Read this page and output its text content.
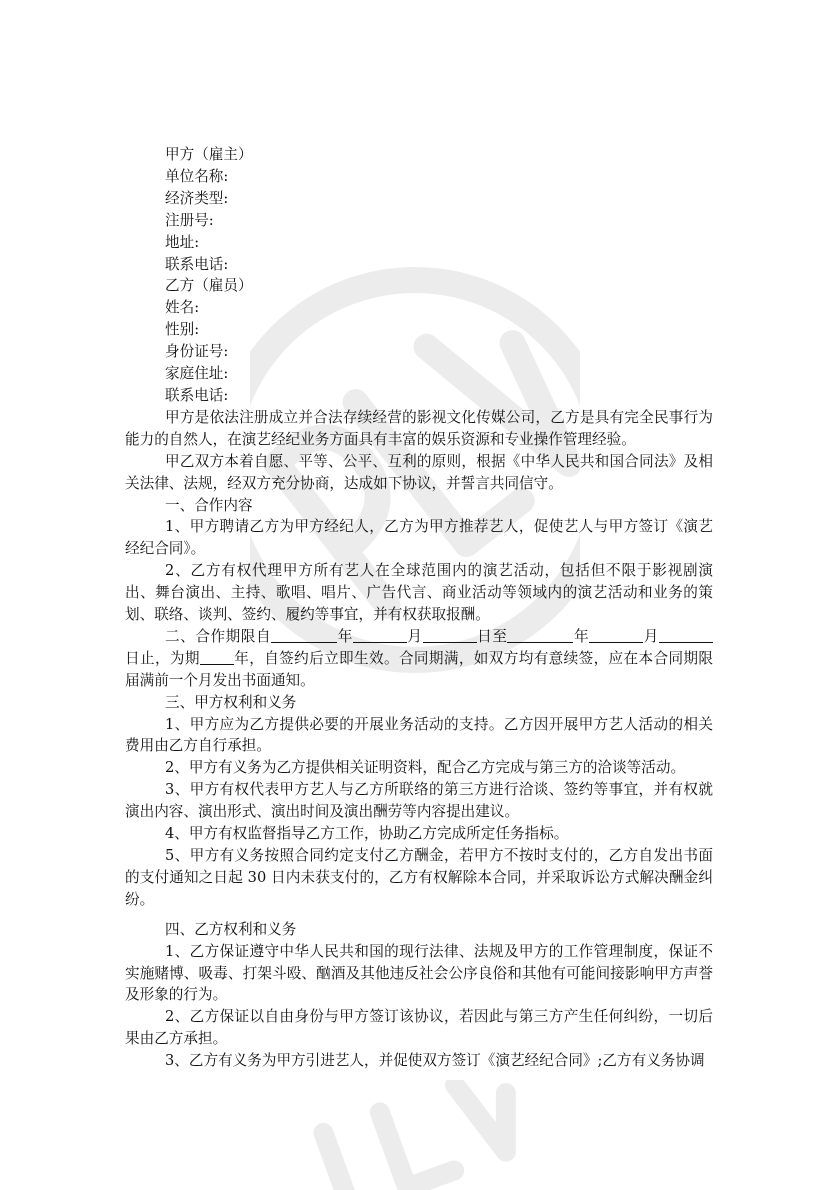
甲方（雇主）

单位名称:

经济类型:

注册号:

地址:

联系电话:

乙方（雇员）

姓名:

性别:

身份证号:

家庭住址:

联系电话:

甲方是依法注册成立并合法存续经营的影视文化传媒公司，乙方是具有完全民事行为能力的自然人，在演艺经纪业务方面具有丰富的娱乐资源和专业操作管理经验。

甲乙双方本着自愿、平等、公平、互利的原则，根据《中华人民共和国合同法》及相关法律、法规，经双方充分协商，达成如下协议，并誓言共同信守。

一、合作内容

1、甲方聘请乙方为甲方经纪人，乙方为甲方推荐艺人，促使艺人与甲方签订《演艺经纪合同》。

2、乙方有权代理甲方所有艺人在全球范围内的演艺活动，包括但不限于影视剧演出、舞台演出、主持、歌唱、唱片、广告代言、商业活动等领域内的演艺活动和业务的策划、联络、谈判、签约、履约等事宜，并有权获取报酬。

二、合作期限自	年	月	日至	年	月日止，为期 年，自签约后立即生效。合同期满，如双方均有意续签，应在本合同期限届满前一个月发出书面通知。

三、甲方权利和义务

1、甲方应为乙方提供必要的开展业务活动的支持。乙方因开展甲方艺人活动的相关费用由乙方自行承担。

2、甲方有义务为乙方提供相关证明资料，配合乙方完成与第三方的洽谈等活动。

3、甲方有权代表甲方艺人与乙方所联络的第三方进行洽谈、签约等事宜，并有权就演出内容、演出形式、演出时间及演出酬劳等内容提出建议。

4、甲方有权监督指导乙方工作，协助乙方完成所定任务指标。

5、甲方有义务按照合同约定支付乙方酬金，若甲方不按时支付的，乙方自发出书面的支付通知之日起 30 日内未获支付的，乙方有权解除本合同，并采取诉讼方式解决酬金纠纷。

四、乙方权利和义务

1、乙方保证遵守中华人民共和国的现行法律、法规及甲方的工作管理制度，保证不实施赌博、吸毒、打架斗殴、酗酒及其他违反社会公序良俗和其他有可能间接影响甲方声誉及形象的行为。

2、乙方保证以自由身份与甲方签订该协议，若因此与第三方产生任何纠纷，一切后果由乙方承担。

3、乙方有义务为甲方引进艺人，并促使双方签订《演艺经纪合同》;乙方有义务协调
